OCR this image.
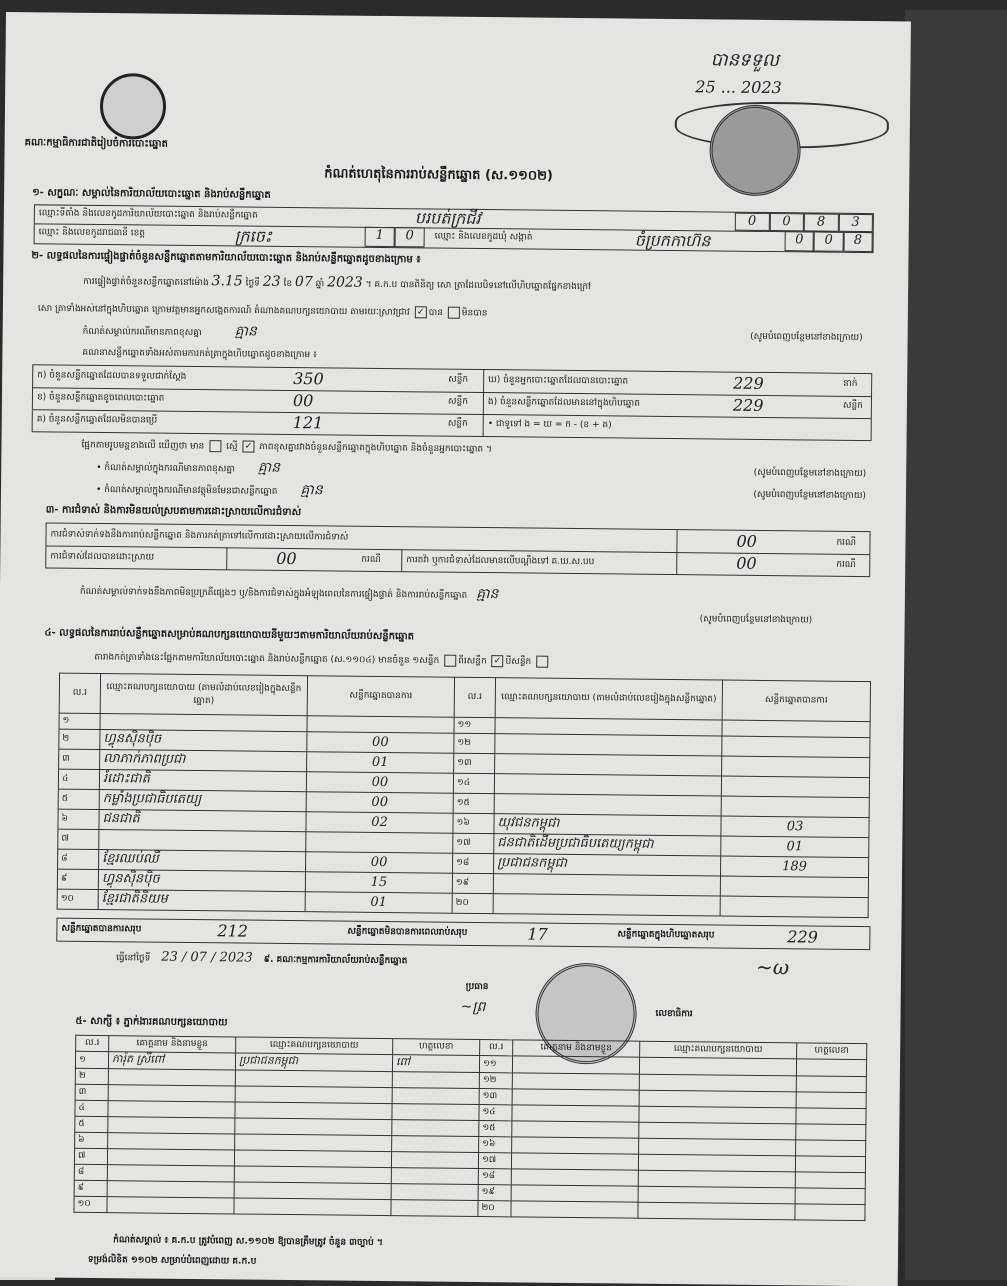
គណៈកម្មាធិការជាតិរៀបចំការបោះឆ្នោត
កំណត់ហេតុនៃការរាប់សន្លឹកឆ្នោត (ស.១១០២)
បានទទួល
25 ... 2023
១- សក្ខណៈ សម្គាល់នៃការិយាល័យបោះឆ្នោត និងរាប់សន្លឹកឆ្នោត
ឈ្មោះទីតាំង និងលេខកូដការិយាល័យបោះឆ្នោត និងរាប់សន្លឹកឆ្នោត	បរបត់ក្រជីវ	0	0	8	3
ឈ្មោះ និងលេខកូដរាជធានី ខេត្ត	ក្រចេះ	1	0	ឈ្មោះ និងលេខកូដឃុំ សង្កាត់	ចំប្រកកាហ៊ន	0	0	8
២- លទ្ធផលនៃការផ្ទៀងផ្ទាត់ចំនួនសន្លឹកឆ្នោតតាមការិយាល័យបោះឆ្នោត និងរាប់សន្លឹកឆ្នោតដូចខាងក្រោម ៖
ការផ្ទៀងផ្ទាត់ចំនួនសន្លឹកឆ្នោតនៅម៉ោង 3.15 ថ្ងៃទី 23 ខែ 07 ឆ្នាំ 2023 ។ គ.ក.ប បានពិនិត្យ សោ ត្រាដែលបិទនៅលើហិបឆ្នោតផ្នែកខាងក្រៅ
សោ ត្រាទាំងអស់នៅក្នុងហិបឆ្នោត ក្រោមវត្តមានអ្នកសង្កេតការណ៍ តំណាងគណបក្សនយោបាយ តាមរយៈស្រាវជ្រាវ ✓ បាន មិនបាន
កំណត់សម្គាល់ករណីមានភាពខុសគ្នា គ្មាន	(សូមបំពេញបន្ថែមនៅខាងក្រោយ)
គណនាសន្លឹកឆ្នោតទាំងអស់តាមការកត់ត្រាក្នុងហិបឆ្នោតដូចខាងក្រោម ៖
ក) ចំនួនសន្លឹកឆ្នោតដែលបានទទួលជាក់ស្តែង	350	សន្លឹក
ខ) ចំនួនសន្លឹកឆ្នោតខូចពេលបោះឆ្នោត	00	សន្លឹក
គ) ចំនួនសន្លឹកឆ្នោតដែលមិនបានប្រើ	121	សន្លឹក
ឃ) ចំនួនអ្នកបោះឆ្នោតដែលបានបោះឆ្នោត	229	នាក់
ង) ចំនួនសន្លឹកឆ្នោតដែលមាននៅក្នុងហិបឆ្នោត	229	សន្លឹក
• ជាទូទៅ ង = ឃ = ក - (ខ + គ)
ផ្អែកតាមរូបមន្តខាងលើ ឃើញថា មាន ស្មើ ✓ ភាពខុសគ្នារវាងចំនួនសន្លឹកឆ្នោតក្នុងហិបឆ្នោត និងចំនួនអ្នកបោះឆ្នោត ។
• កំណត់សម្គាល់ក្នុងករណីមានភាពខុសគ្នា គ្មាន	(សូមបំពេញបន្ថែមនៅខាងក្រោយ)
• កំណត់សម្គាល់ក្នុងករណីមានវត្ថុមិនមែនជាសន្លឹកឆ្នោត គ្មាន	(សូមបំពេញបន្ថែមនៅខាងក្រោយ)
៣- ការជំទាស់ និងការមិនយល់ស្របតាមការដោះស្រាយលើការជំទាស់
ការជំទាស់ទាក់ទងនឹងការរាប់សន្លឹកឆ្នោត និងការកត់ត្រាទៅលើការដោះស្រាយលើការជំទាស់	00	ករណី
ការជំទាស់ដែលបានដោះស្រាយ	00	ករណី	ការតវ៉ា ឬការជំទាស់ដែលមានលើបណ្តឹងទៅ គ.ឃ.ស.បប	00	ករណី
កំណត់សម្គាល់ទាក់ទងនឹងភាពមិនប្រក្រតីផ្សេងៗ ឬ/និងការជំទាស់ក្នុងអំឡុងពេលនៃការផ្ទៀងផ្ទាត់ និងការរាប់សន្លឹកឆ្នោត គ្មាន
(សូមបំពេញបន្ថែមនៅខាងក្រោយ)
៤- លទ្ធផលនៃការរាប់សន្លឹកឆ្នោតសម្រាប់គណបក្សនយោបាយនីមួយៗតាមការិយាល័យរាប់សន្លឹកឆ្នោត
តារាងកត់ត្រាទាំងនេះផ្អែកតាមការិយាល័យបោះឆ្នោត និងរាប់សន្លឹកឆ្នោត (ស.១១០៤) មានចំនួន ១សន្លឹក ពីរសន្លឹក ✓ បីសន្លឹក
ល.រ	ឈ្មោះគណបក្សនយោបាយ (តាមលំដាប់លេខរៀងក្នុងសន្លឹកឆ្នោត)	សន្លឹកឆ្នោតបានការ	ល.រ	ឈ្មោះគណបក្សនយោបាយ (តាមលំដាប់លេខរៀងក្នុងសន្លឹកឆ្នោត)	សន្លឹកឆ្នោតបានការ
១			១១		
២	ហ្វុនស៊ិនប៉ិច	00	១២		
៣	លាភាក់ភាពប្រជា	01	១៣		
៤	រំដោះជាតិ	00	១៤		
៥	កម្លាំងប្រជាធិបតេយ្យ	00	១៥		
៦	ជនជាតិ	02	១៦	យុវជនកម្ពុជា	03
៧			១៧	ជនជាតិដើមប្រជាធិបតេយ្យកម្ពុជា	01
៨	ខ្មែរឈប់ឈឺ	00	១៨	ប្រជាជនកម្ពុជា	189
៩	ហ្វុនស៊ិនប៉ិច	15	១៩		
១០	ខ្មែរជាតិនិយម	01	២០		
សន្លឹកឆ្នោតបានការសរុប	212	សន្លឹកឆ្នោតមិនបានការពេលរាប់សរុប	17	សន្លឹកឆ្នោតក្នុងហិបឆ្នោតសរុប	229
ធ្វើនៅថ្ងៃទី 23 / 07 / 2023 ៩. គណៈកម្មការការិយាល័យរាប់សន្លឹកឆ្នោត
ប្រធាន
~ព្រ	លេខាធិការ
~ω
៥- សាក្សី ៖ ភ្នាក់ងារគណបក្សនយោបាយ
ល.រ	គោត្តនាម និងនាមខ្លួន	ឈ្មោះគណបក្សនយោបាយ	ហត្ថលេខា	ល.រ	គោត្តនាម និងនាមខ្លួន	ឈ្មោះគណបក្សនយោបាយ	ហត្ថលេខា
១	ការ៉ុត ស្រីពៅ	ប្រជាជនកម្ពុជា	ពៅ	១១			
២				១២			
៣				១៣			
៤				១៤			
៥				១៥			
៦				១៦			
៧				១៧			
៨				១៨			
៩				១៩			
១០				២០			
កំណត់សម្គាល់ ៖ គ.ក.ប ត្រូវបំពេញ ស.១១០២ ឱ្យបានត្រឹមត្រូវ ចំនួន ៣ច្បាប់ ។
ទម្រង់លិខិត ១១០២ សម្រាប់បំពេញដោយ គ.ក.ប
